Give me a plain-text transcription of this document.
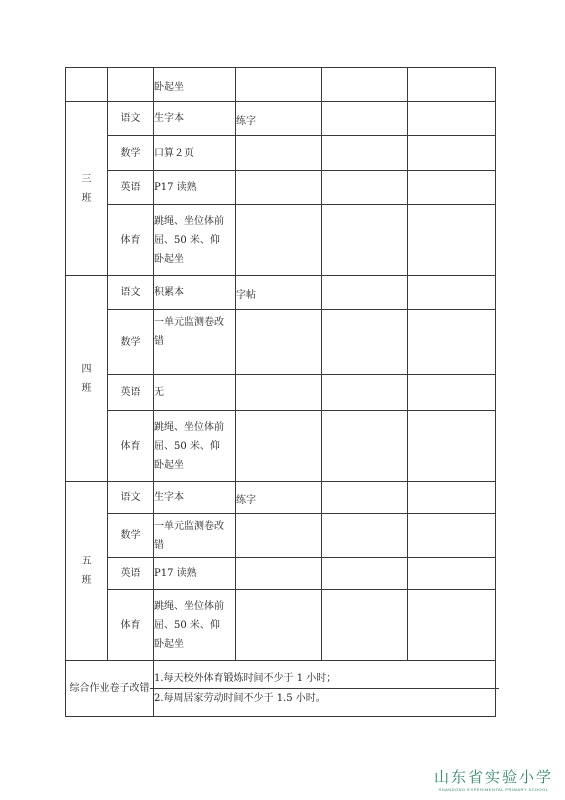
		卧起坐			

三
班	语文	生字本	练字		

	数学	口算２页			
	英语	P17 读熟			
	体育	跳绳、坐位体前
屈、50 米、仰
卧起坐			

四
班	语文	积累本	字帖		

	数学	一单元监测卷改
错			

	英语	无			
	体育	跳绳、坐位体前
屈、50 米、仰
卧起坐			

五
班	语文	生字本	练字		

	数学	一单元监测卷改
错			

	英语	P17 读熟			
	体育	跳绳、坐位体前
屈、50 米、仰
卧起坐			

综合作业卷子改错		1.每天校外体育锻炼时间不少于 1 小时；
2.每周居家劳动时间不少于 1.5 小时。			
山东省实验小学
SHANDONG EXPERIMENTAL PRIMARY SCHOOL
